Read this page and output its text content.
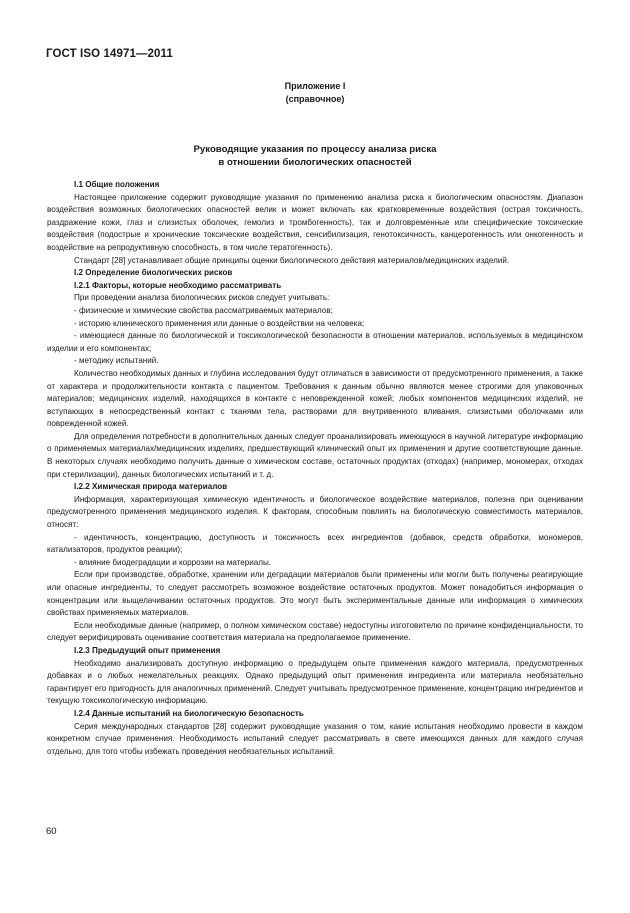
ГОСТ ISO 14971—2011
Приложение I
(справочное)
Руководящие указания по процессу анализа риска
в отношении биологических опасностей

I.1 Общие положения

Настоящее приложение содержит руководящие указания по применению анализа риска к биологическим опасностям. Диапазон воздействия возможных биологических опасностей велик и может включать как кратковременные воздействия (острая токсичность, раздражение кожи, глаз и слизистых оболочек, гемолиз и тромбогенность), так и долговременные или специфические токсические воздействия (подострые и хронические токсические воздействия, сенсибилизация, генотоксичность, канцерогенность или онкогенность и воздействие на репродуктивную способность, в том числе тератогенность).

Стандарт [28] устанавливает общие принципы оценки биологического действия материалов/медицинских изделий.

I.2 Определение биологических рисков

I.2.1 Факторы, которые необходимо рассматривать

При проведении анализа биологических рисков следует учитывать:

- физические и химические свойства рассматриваемых материалов;

- историю клинического применения или данные о воздействии на человека;

- имеющиеся данные по биологической и токсикологической безопасности в отношении материалов, используемых в медицинском изделии и его компонентах;

- методику испытаний.

Количество необходимых данных и глубина исследования будут отличаться в зависимости от предусмотренного применения, а также от характера и продолжительности контакта с пациентом. Требования к данным обычно являются менее строгими для упаковочных материалов; медицинских изделий, находящихся в контакте с неповрежденной кожей; любых компонентов медицинских изделий, не вступающих в непосредственный контакт с тканями тела, растворами для внутривенного вливания, слизистыми оболочками или поврежденной кожей.

Для определения потребности в дополнительных данных следует проанализировать имеющуюся в научной литературе информацию о применяемых материалах/медицинских изделиях, предшествующий клинический опыт их применения и другие соответствующие данные. В некоторых случаях необходимо получить данные о химическом составе, остаточных продуктах (отходах) (например, мономерах, отходах при стерилизации), данных биологических испытаний и т. д.

I.2.2 Химическая природа материалов

Информация, характеризующая химическую идентичность и биологическое воздействие материалов, полезна при оценивании предусмотренного применения медицинского изделия. К факторам, способным повлиять на биологическую совместимость материалов, относят:

- идентичность, концентрацию, доступность и токсичность всех ингредиентов (добавок, средств обработки, мономеров, катализаторов, продуктов реакции);

- влияние биодеградации и коррозии на материалы.

Если при производстве, обработке, хранении или деградации материалов были применены или могли быть получены реагирующие или опасные ингредиенты, то следует рассмотреть возможное воздействие остаточных продуктов. Может понадобиться информация о концентрации или выщелачивании остаточных продуктов. Это могут быть экспериментальные данные или информация о химических свойствах применяемых материалов.

Если необходимые данные (например, о полном химическом составе) недоступны изготовителю по причине конфиденциальности, то следует верифицировать оценивание соответствия материала на предполагаемое применение.

I.2.3 Предыдущий опыт применения

Необходимо анализировать доступную информацию о предыдущем опыте применения каждого материала, предусмотренных добавках и о любых нежелательных реакциях. Однако предыдущий опыт применения ингредиента или материала необязательно гарантирует его пригодность для аналогичных применений. Следует учитывать предусмотренное применение, концентрацию ингредиентов и текущую токсикологическую информацию.

I.2.4 Данные испытаний на биологическую безопасность

Серия международных стандартов [28] содержит руководящие указания о том, какие испытания необходимо провести в каждом конкретном случае применения. Необходимость испытаний следует рассматривать в свете имеющихся данных для каждого случая отдельно, для того чтобы избежать проведения необязательных испытаний.

60
